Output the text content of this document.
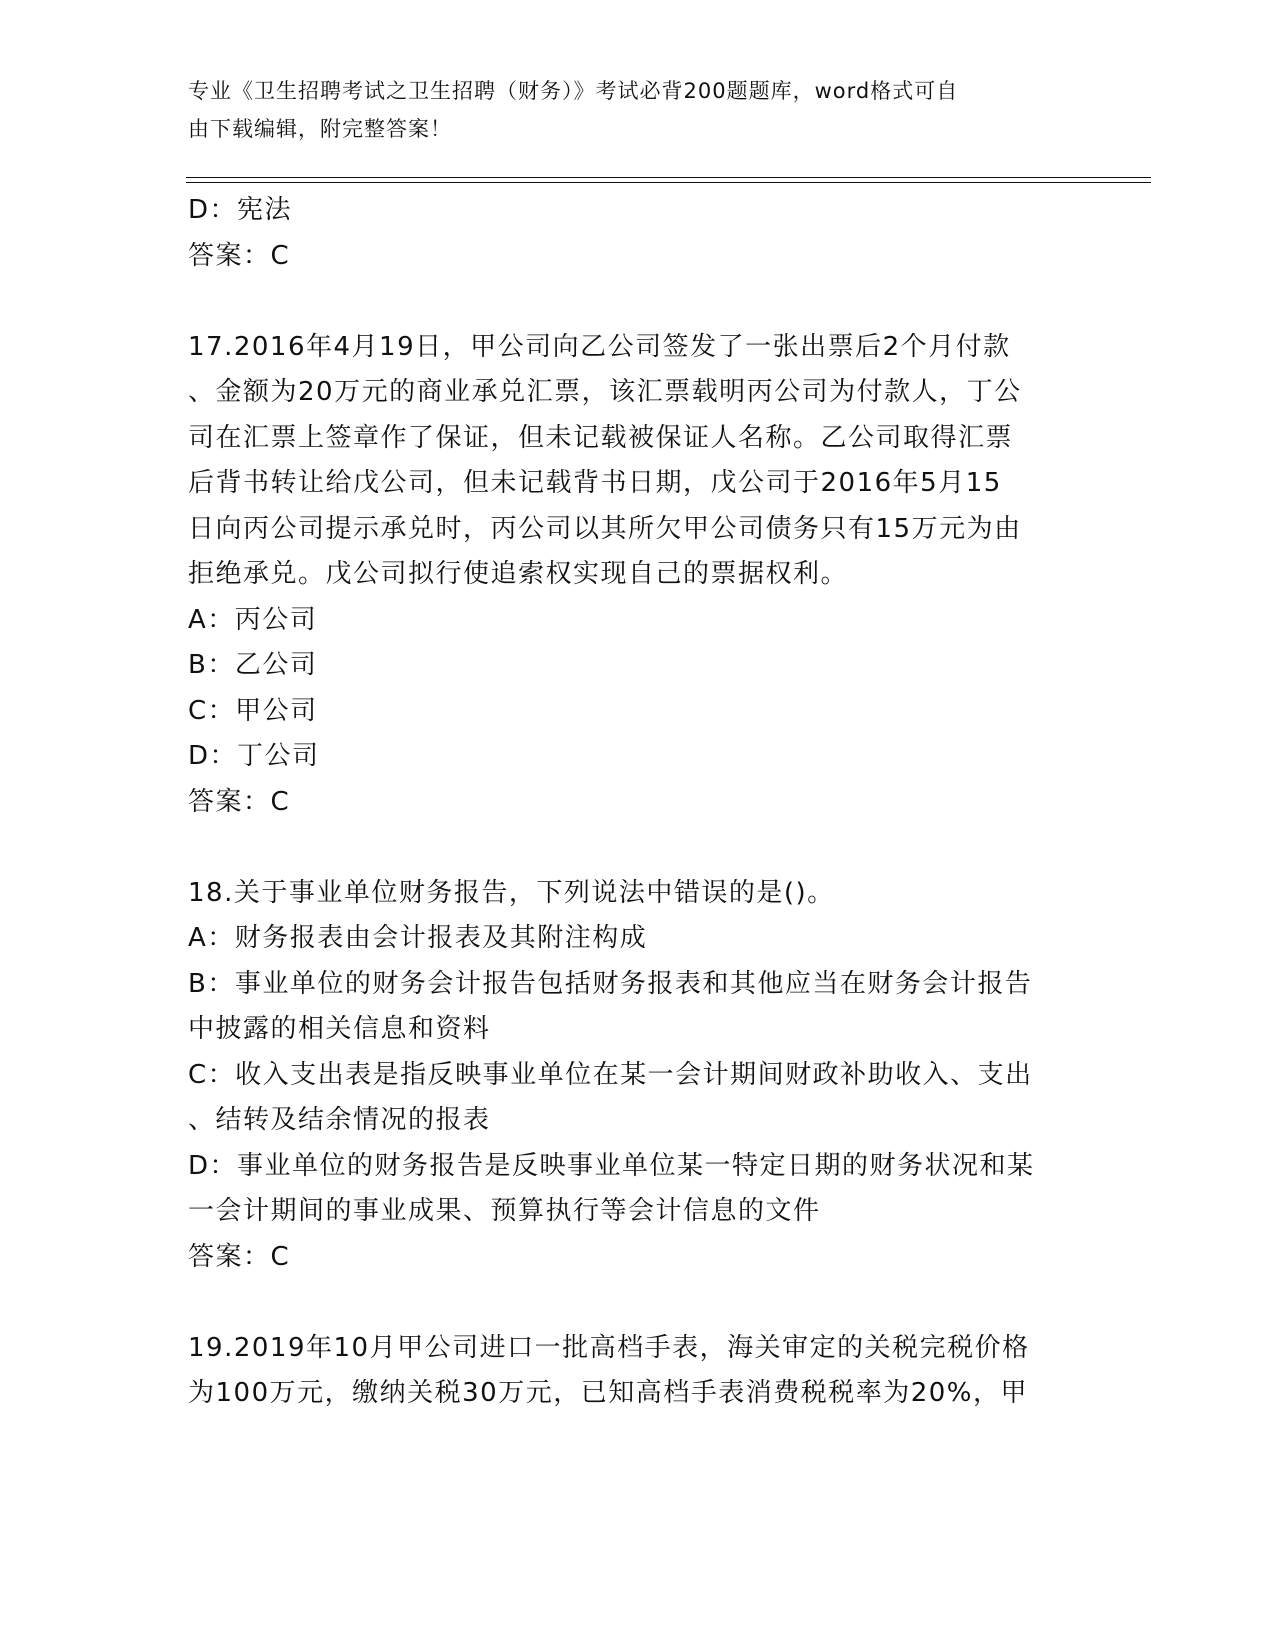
专业《卫生招聘考试之卫生招聘（财务）》考试必背200题题库，word格式可自
由下载编辑，附完整答案！
D：宪法
答案：C
17.2016年4月19日，甲公司向乙公司签发了一张出票后2个月付款
、金额为20万元的商业承兑汇票，该汇票载明丙公司为付款人，丁公
司在汇票上签章作了保证，但未记载被保证人名称。乙公司取得汇票
后背书转让给戊公司，但未记载背书日期，戊公司于2016年5月15
日向丙公司提示承兑时，丙公司以其所欠甲公司债务只有15万元为由
拒绝承兑。戊公司拟行使追索权实现自己的票据权利。
A：丙公司
B：乙公司
C：甲公司
D：丁公司
答案：C
18.关于事业单位财务报告，下列说法中错误的是()。
A：财务报表由会计报表及其附注构成
B：事业单位的财务会计报告包括财务报表和其他应当在财务会计报告
中披露的相关信息和资料
C：收入支出表是指反映事业单位在某一会计期间财政补助收入、支出
、结转及结余情况的报表
D：事业单位的财务报告是反映事业单位某一特定日期的财务状况和某
一会计期间的事业成果、预算执行等会计信息的文件
答案：C
19.2019年10月甲公司进口一批高档手表，海关审定的关税完税价格
为100万元，缴纳关税30万元，已知高档手表消费税税率为20%，甲
